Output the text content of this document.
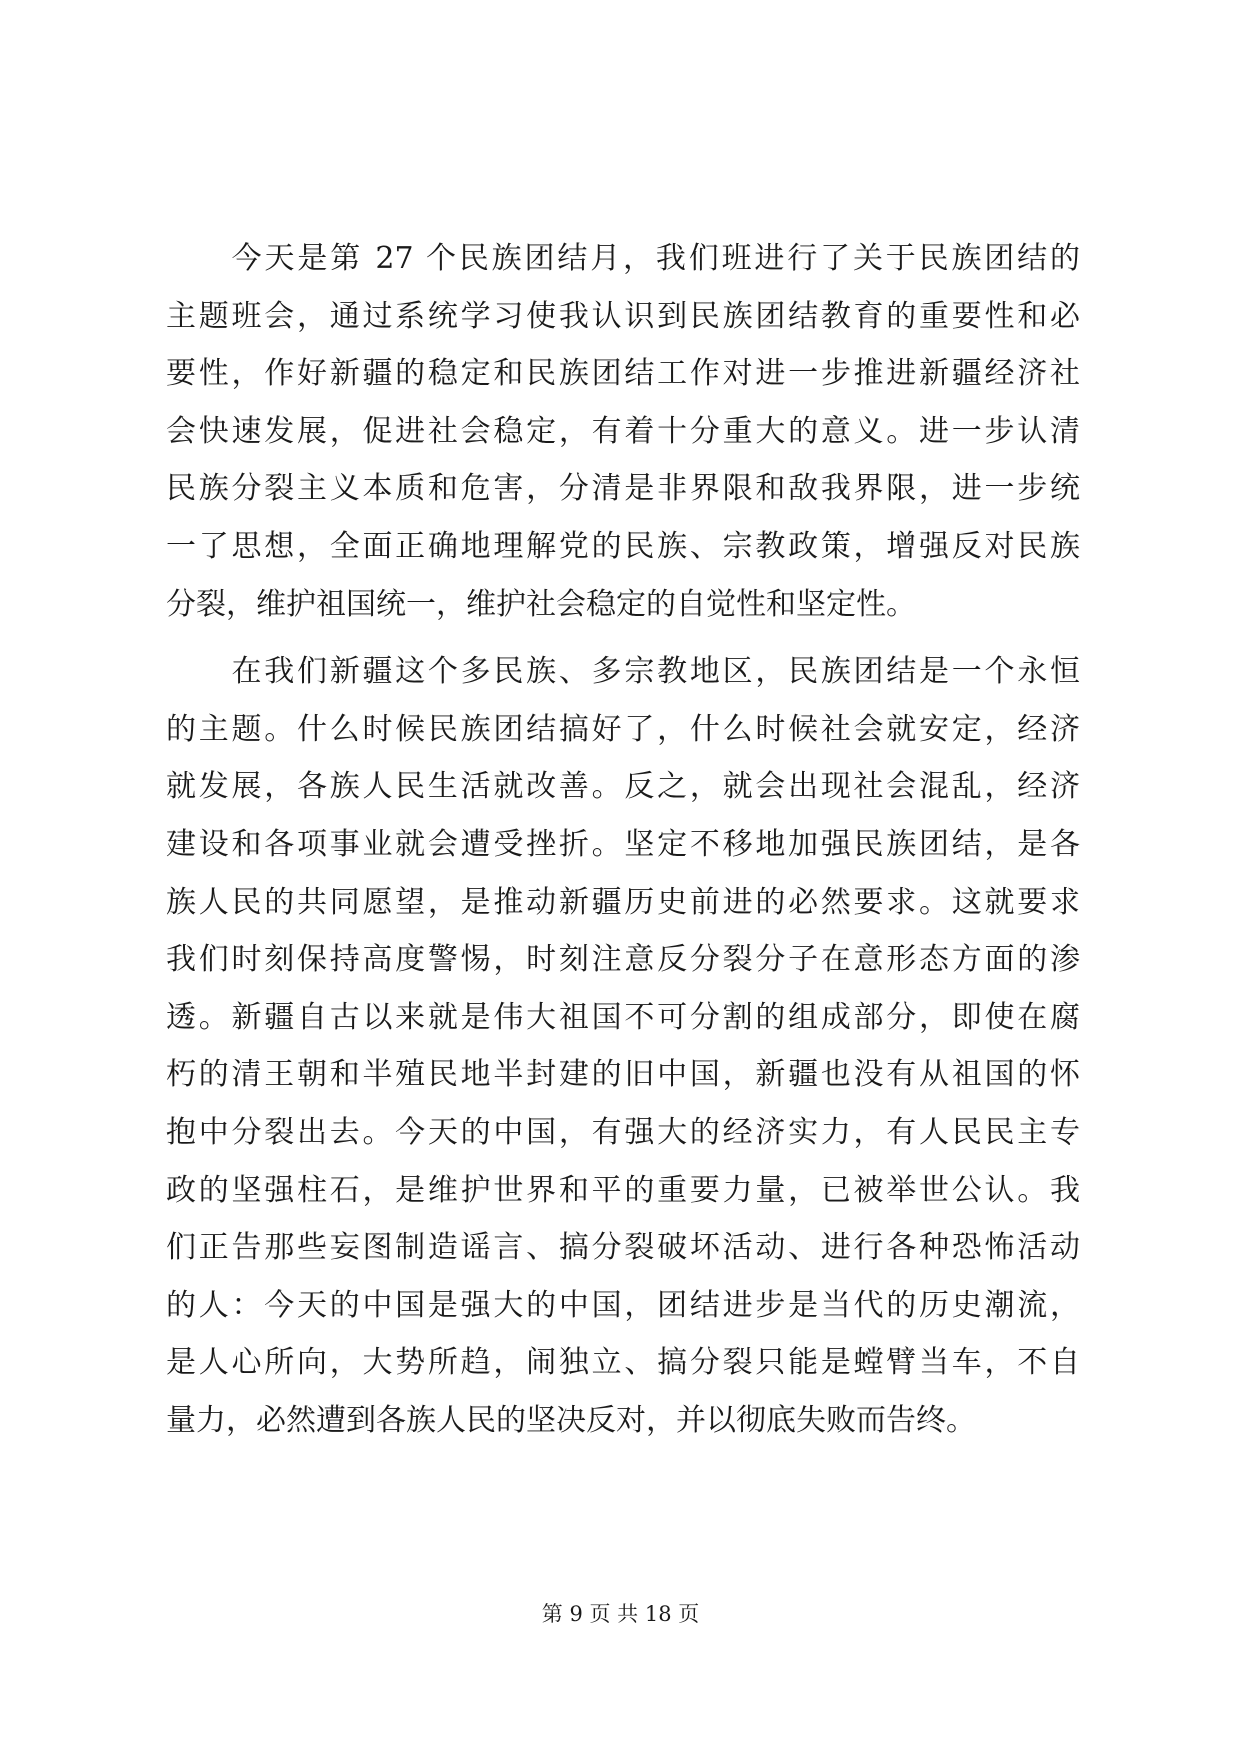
　　今天是第 27 个民族团结月，我们班进行了关于民族团结的
主题班会，通过系统学习使我认识到民族团结教育的重要性和必
要性，作好新疆的稳定和民族团结工作对进一步推进新疆经济社
会快速发展，促进社会稳定，有着十分重大的意义。进一步认清
民族分裂主义本质和危害，分清是非界限和敌我界限，进一步统
一了思想，全面正确地理解党的民族、宗教政策，增强反对民族
分裂，维护祖国统一，维护社会稳定的自觉性和坚定性。
　　在我们新疆这个多民族、多宗教地区，民族团结是一个永恒
的主题。什么时候民族团结搞好了，什么时候社会就安定，经济
就发展，各族人民生活就改善。反之，就会出现社会混乱，经济
建设和各项事业就会遭受挫折。坚定不移地加强民族团结，是各
族人民的共同愿望，是推动新疆历史前进的必然要求。这就要求
我们时刻保持高度警惕，时刻注意反分裂分子在意形态方面的渗
透。新疆自古以来就是伟大祖国不可分割的组成部分，即使在腐
朽的清王朝和半殖民地半封建的旧中国，新疆也没有从祖国的怀
抱中分裂出去。今天的中国，有强大的经济实力，有人民民主专
政的坚强柱石，是维护世界和平的重要力量，已被举世公认。我
们正告那些妄图制造谣言、搞分裂破坏活动、进行各种恐怖活动
的人：今天的中国是强大的中国，团结进步是当代的历史潮流，
是人心所向，大势所趋，闹独立、搞分裂只能是螳臂当车，不自
量力，必然遭到各族人民的坚决反对，并以彻底失败而告终。
第 9 页 共 18 页
